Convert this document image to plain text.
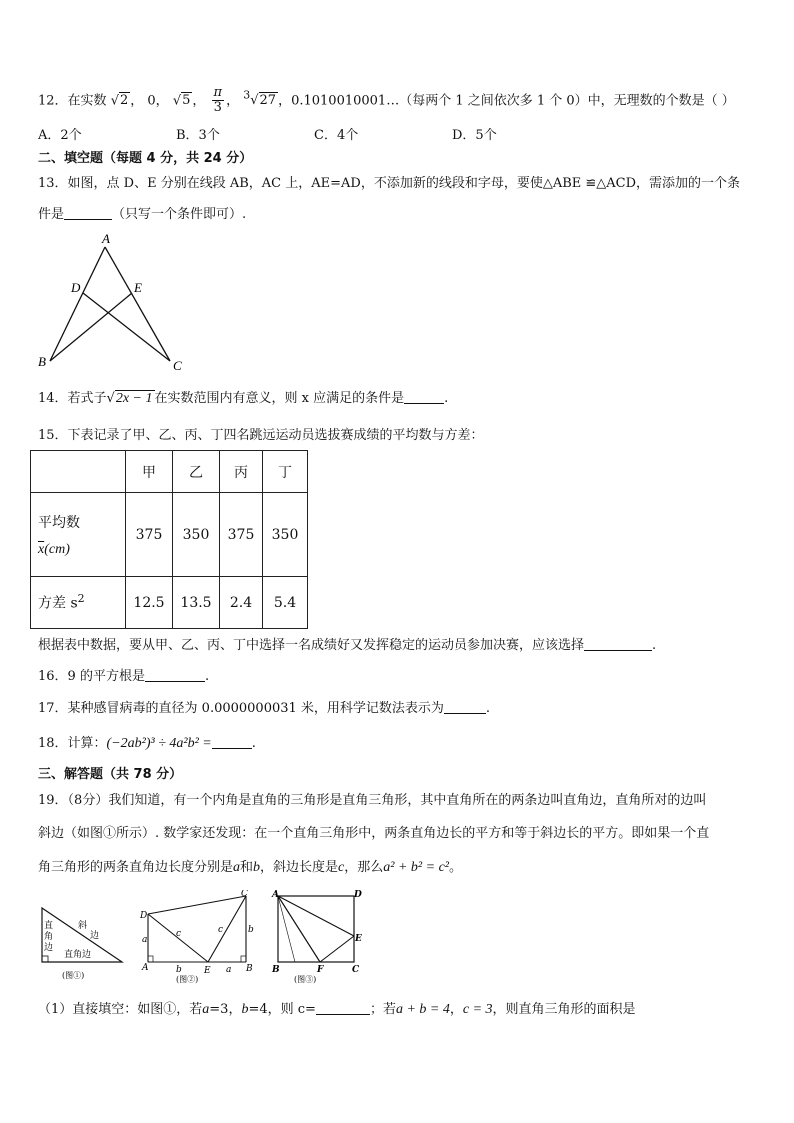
12．在实数 √2 ， 0， √5 ， $\frac{\pi}{3}$ ， $^3$√27 ，0.1010010001…（每两个 1 之间依次多 1 个 0）中，无理数的个数是（ ）
A．2个	B．3个	C．4个	D．5个
二、填空题（每题 4 分，共 24 分）
13．如图，点 D、E 分别在线段 AB，AC 上，AE=AD，不添加新的线段和字母，要使△ABE ≌△ACD，需添加的一个条
件是	（只写一个条件即可）.
A
B	C
D	E
14．若式子√2x − 1 在实数范围内有意义，则 x 应满足的条件是	.
15．下表记录了甲、乙、丙、丁四名跳远运动员选拔赛成绩的平均数与方差：
	甲	乙	丙	丁

平均数
$\overline{x}(cm)$	375	350	375	350
方差 $s^2$	12.5	13.5	2.4	5.4
根据表中数据，要从甲、乙、丙、丁中选择一名成绩好又发挥稳定的运动员参加决赛，应该选择	.
16．9 的平方根是	.
17．某种感冒病毒的直径为 0.0000000031 米，用科学记数法表示为	.
18．计算：(−2ab²)³ ÷ 4a²b² =	.
三、解答题（共 78 分）
19．（8分）我们知道，有一个内角是直角的三角形是直角三角形，其中直角所在的两条边叫直角边，直角所对的边叫
斜边（如图①所示）. 数学家还发现：在一个直角三角形中，两条直角边长的平方和等于斜边长的平方。即如果一个直
角三角形的两条直角边长度分别是a和b，斜边长度是c，那么a² + b² = c²。
斜
边
直
角
边
直角边
(图①)
D
C
A	B
E
a
c	c	b
b	a
(图②)
A	D
B	C
E
F
(图③)
（1）直接填空：如图①，若a=3，b=4，则 c=	；若a + b = 4，c = 3，则直角三角形的面积是
